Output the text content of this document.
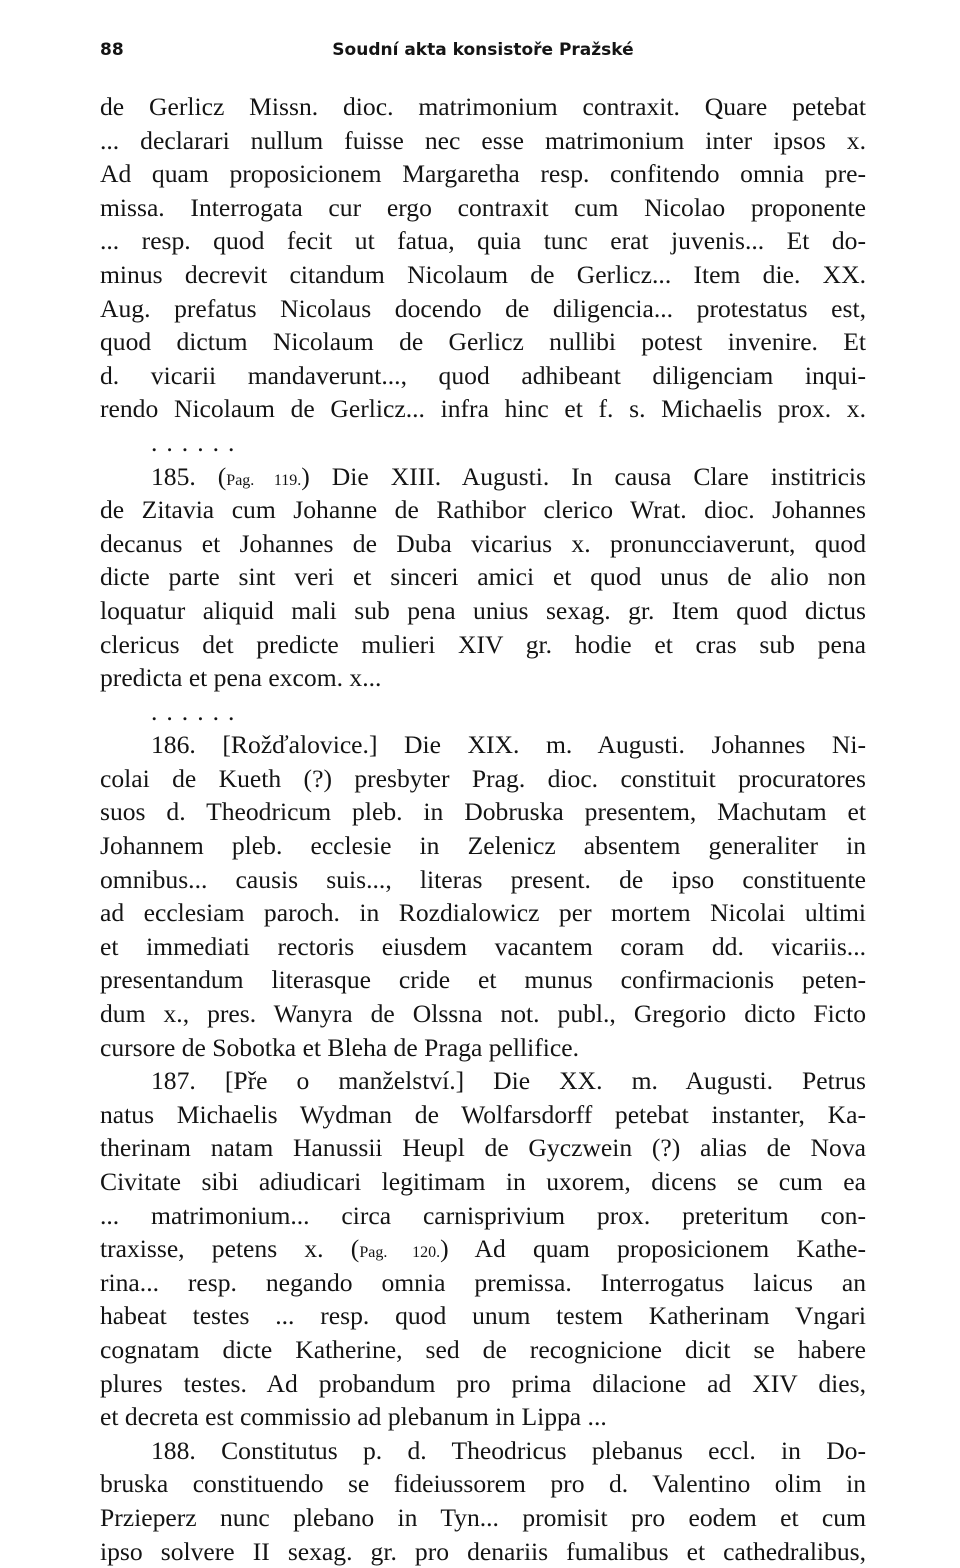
88	Soudní akta konsistoře Pražské
de Gerlicz Missn. dioc. matrimonium contraxit. Quare petebat
... declarari nullum fuisse nec esse matrimonium inter ipsos x.
Ad quam proposicionem Margaretha resp. confitendo omnia pre-
missa. Interrogata cur ergo contraxit cum Nicolao proponente
... resp. quod fecit ut fatua, quia tunc erat juvenis... Et do-
minus decrevit citandum Nicolaum de Gerlicz... Item die. XX.
Aug. prefatus Nicolaus docendo de diligencia... protestatus est,
quod dictum Nicolaum de Gerlicz nullibi potest invenire. Et
d. vicarii mandaverunt..., quod adhibeant diligenciam inqui-
rendo Nicolaum de Gerlicz... infra hinc et f. s. Michaelis prox. x.
......
185. (Pag. 119.) Die XIII. Augusti. In causa Clare institricis
de Zitavia cum Johanne de Rathibor clerico Wrat. dioc. Johannes
decanus et Johannes de Duba vicarius x. pronuncciaverunt, quod
dicte parte sint veri et sinceri amici et quod unus de alio non
loquatur aliquid mali sub pena unius sexag. gr. Item quod dictus
clericus det predicte mulieri XIV gr. hodie et cras sub pena
predicta et pena excom. x...
......
186. [Rožďalovice.] Die XIX. m. Augusti. Johannes Ni-
colai de Kueth (?) presbyter Prag. dioc. constituit procuratores
suos d. Theodricum pleb. in Dobruska presentem, Machutam et
Johannem pleb. ecclesie in Zelenicz absentem generaliter in
omnibus... causis suis..., literas present. de ipso constituente
ad ecclesiam paroch. in Rozdialowicz per mortem Nicolai ultimi
et immediati rectoris eiusdem vacantem coram dd. vicariis...
presentandum literasque cride et munus confirmacionis peten-
dum x., pres. Wanyra de Olssna not. publ., Gregorio dicto Ficto
cursore de Sobotka et Bleha de Praga pellifice.
187. [Pře o manželství.] Die XX. m. Augusti. Petrus
natus Michaelis Wydman de Wolfarsdorff petebat instanter, Ka-
therinam natam Hanussii Heupl de Gyczwein (?) alias de Nova
Civitate sibi adiudicari legitimam in uxorem, dicens se cum ea
... matrimonium... circa carnisprivium prox. preteritum con-
traxisse, petens x. (Pag. 120.) Ad quam proposicionem Kathe-
rina... resp. negando omnia premissa. Interrogatus laicus an
habeat testes ... resp. quod unum testem Katherinam Vngari
cognatam dicte Katherine, sed de recognicione dicit se habere
plures testes. Ad probandum pro prima dilacione ad XIV dies,
et decreta est commissio ad plebanum in Lippa ...
188. Constitutus p. d. Theodricus plebanus eccl. in Do-
bruska constituendo se fideiussorem pro d. Valentino olim in
Przieperz nunc plebano in Tyn... promisit pro eodem et cum
ipso solvere II sexag. gr. pro denariis fumalibus et cathedralibus,
